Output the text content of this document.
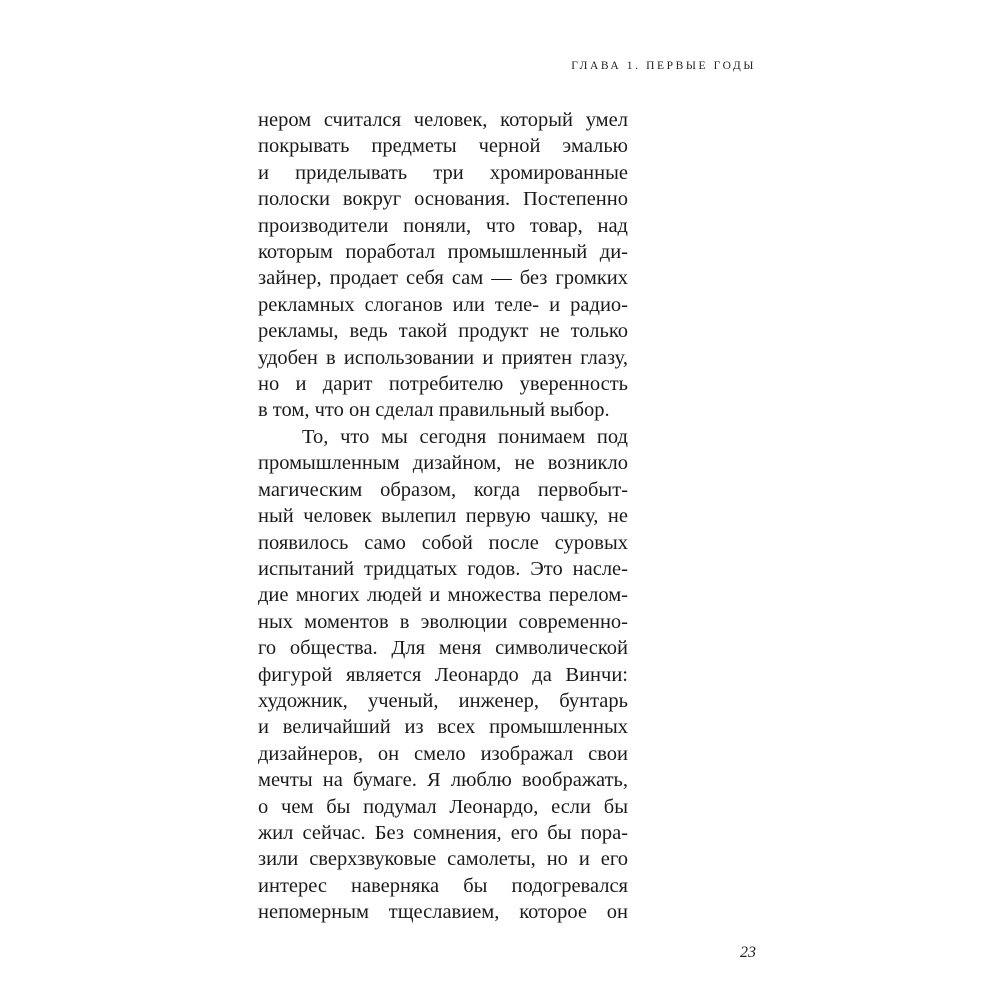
ГЛАВА 1. ПЕРВЫЕ ГОДЫ
нером считался человек, который умел
покрывать предметы черной эмалью
и приделывать три хромированные
полоски вокруг основания. Постепенно
производители поняли, что товар, над
которым поработал промышленный ди-
зайнер, продает себя сам — без громких
рекламных слоганов или теле- и радио-
рекламы, ведь такой продукт не только
удобен в использовании и приятен глазу,
но и дарит потребителю уверенность
в том, что он сделал правильный выбор.
То, что мы сегодня понимаем под
промышленным дизайном, не возникло
магическим образом, когда первобыт-
ный человек вылепил первую чашку, не
появилось само собой после суровых
испытаний тридцатых годов. Это насле-
дие многих людей и множества перелом-
ных моментов в эволюции современно-
го общества. Для меня символической
фигурой является Леонардо да Винчи:
художник, ученый, инженер, бунтарь
и величайший из всех промышленных
дизайнеров, он смело изображал свои
мечты на бумаге. Я люблю воображать,
о чем бы подумал Леонардо, если бы
жил сейчас. Без сомнения, его бы пора-
зили сверхзвуковые самолеты, но и его
интерес наверняка бы подогревался
непомерным тщеславием, которое он
23
